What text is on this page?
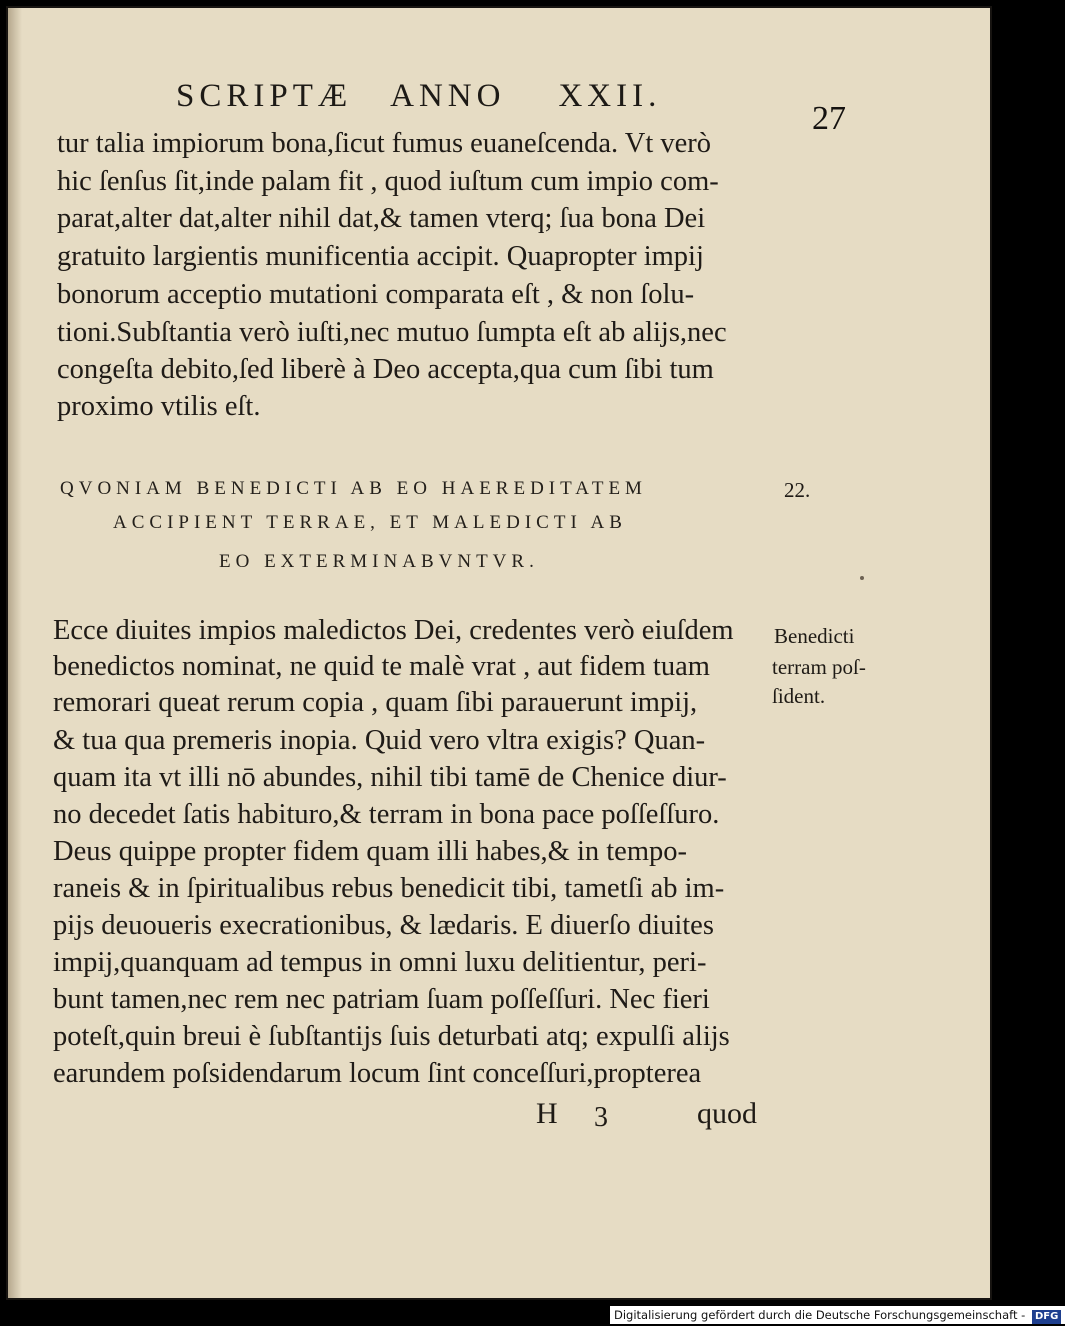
SCRIPTÆ   ANNO    XXII.
27
tur talia impiorum bona,ſicut fumus euaneſcenda. Vt verò
hic ſenſus ſit,inde palam fit , quod iuſtum cum impio com-
parat,alter dat,alter nihil dat,& tamen vterq; ſua bona Dei
gratuito largientis munificentia accipit. Quapropter impij
bonorum acceptio mutationi comparata eſt , & non ſolu-
tioni.Subſtantia verò iuſti,nec mutuo ſumpta eſt ab alijs,nec
congeſta debito,ſed liberè à Deo accepta,qua cum ſibi tum
proximo vtilis eſt.
QVONIAM BENEDICTI AB EO HAEREDITATEM
ACCIPIENT TERRAE, ET MALEDICTI AB
EO EXTERMINABVNTVR.
22.
Ecce diuites impios maledictos Dei, credentes verò eiuſdem
benedictos nominat, ne quid te malè vrat , aut fidem tuam
remorari queat rerum copia , quam ſibi parauerunt impij,
& tua qua premeris inopia. Quid vero vltra exigis? Quan-
quam ita vt illi nō abundes, nihil tibi tamē de Chenice diur-
no decedet ſatis habituro,& terram in bona pace poſſeſſuro.
Deus quippe propter fidem quam illi habes,& in tempo-
raneis & in ſpiritualibus rebus benedicit tibi, tametſi ab im-
pijs deuoueris execrationibus, & lædaris. E diuerſo diuites
impij,quanquam ad tempus in omni luxu delitientur, peri-
bunt tamen,nec rem nec patriam ſuam poſſeſſuri. Nec fieri
poteſt,quin breui è ſubſtantijs ſuis deturbati atq; expulſi alijs
earundem poſsidendarum locum ſint conceſſuri,propterea
Benedicti
terram poſ-
ſident.
H 3	quod
Digitalisierung gefördert durch die Deutsche Forschungsgemeinschaft - DFG
